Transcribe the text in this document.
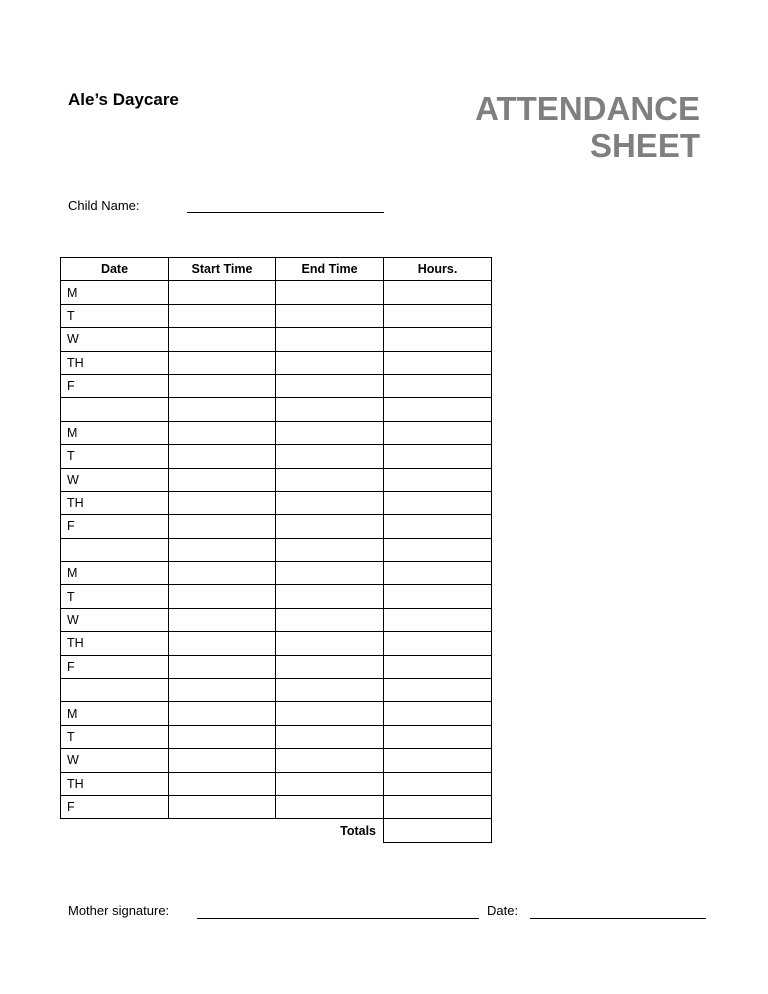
Ale’s Daycare	ATTENDANCE
SHEET
Child Name:
Date	Start Time	End Time	Hours.
M			
T			
W			
TH			
F			

M			
T			
W			
TH			
F			

M			
T			
W			
TH			
F			

M			
T			
W			
TH			
F			
		Totals	
Mother signature:	Date:
